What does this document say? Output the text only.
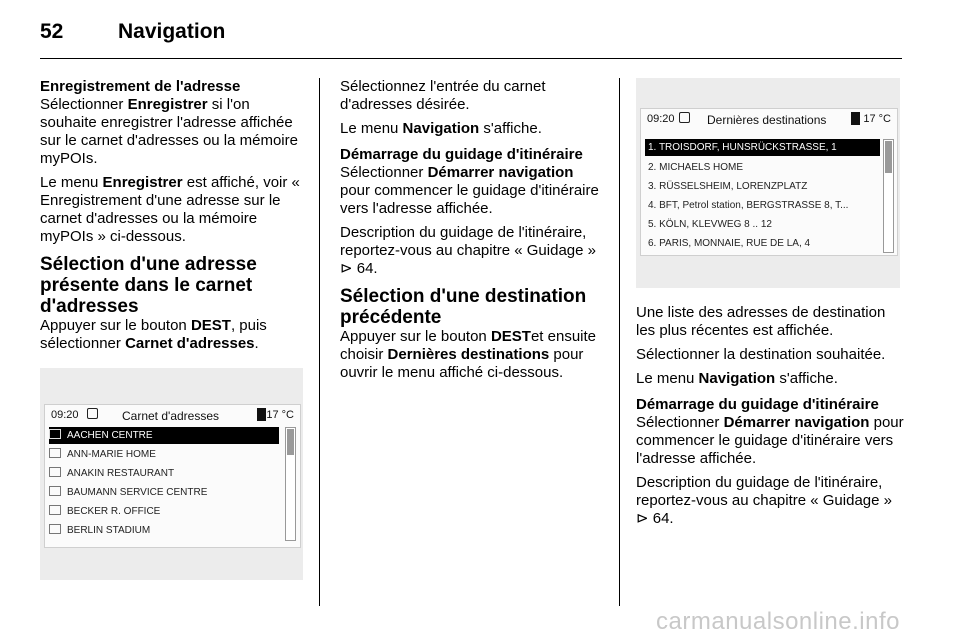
52	Navigation

Enregistrement de l'adresse

Sélectionner Enregistrer si l'on souhaite enregistrer l'adresse affichée sur le carnet d'adresses ou la mémoire myPOIs.

Le menu Enregistrer est affiché, voir « Enregistrement d'une adresse sur le carnet d'adresses ou la mémoire myPOIs » ci-dessous.

Sélection d'une adresse présente dans le carnet d'adresses

Appuyer sur le bouton DEST, puis sélectionner Carnet d'adresses.

Sélectionnez l'entrée du carnet d'adresses désirée.

Le menu Navigation s'affiche.

Démarrage du guidage d'itinéraire

Sélectionner Démarrer navigation pour commencer le guidage d'itinéraire vers l'adresse affichée.

Description du guidage de l'itinéraire, reportez-vous au chapitre « Guidage » ⊳ 64.

Sélection d'une destination précédente

Appuyer sur le bouton DESTet ensuite choisir Dernières destinations pour ouvrir le menu affiché ci-dessous.

Une liste des adresses de destination les plus récentes est affichée.

Sélectionner la destination souhaitée.

Le menu Navigation s'affiche.

Démarrage du guidage d'itinéraire

Sélectionner Démarrer navigation pour commencer le guidage d'itinéraire vers l'adresse affichée.

Description du guidage de l'itinéraire, reportez-vous au chapitre « Guidage » ⊳ 64.

09:20	Carnet d'adresses	17 °C
AACHEN CENTRE
ANN-MARIE HOME
ANAKIN RESTAURANT
BAUMANN SERVICE CENTRE
BECKER R. OFFICE
BERLIN STADIUM
09:20	Dernières destinations	17 °C
1. TROISDORF, HUNSRÜCKSTRASSE, 1
2. MICHAELS HOME
3. RÜSSELSHEIM, LORENZPLATZ
4. BFT, Petrol station, BERGSTRASSE 8, T...
5. KÖLN, KLEVWEG 8 .. 12
6. PARIS, MONNAIE, RUE DE LA, 4
carmanualsonline.info
